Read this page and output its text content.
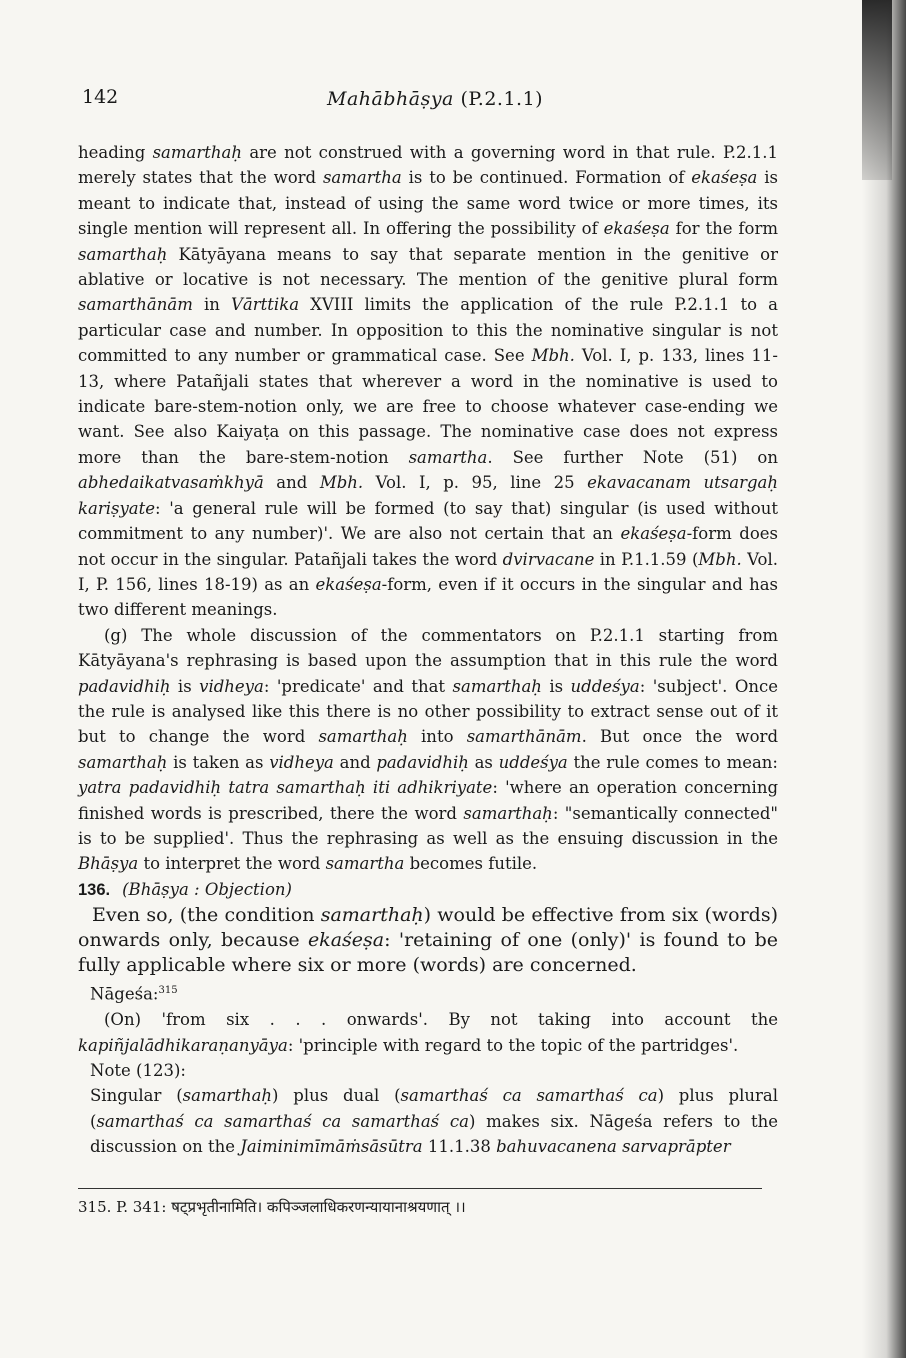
142	Mahābhāṣya (P.2.1.1)

heading samarthaḥ are not construed with a governing word in that rule. P.2.1.1 merely states that the word samartha is to be continued. Formation of ekaśeṣa is meant to indicate that, instead of using the same word twice or more times, its single mention will represent all. In offering the possibility of ekaśeṣa for the form samarthaḥ Kātyāyana means to say that separate mention in the genitive or ablative or locative is not necessary. The mention of the genitive plural form samarthānām in Vārttika XVIII limits the application of the rule P.2.1.1 to a particular case and number. In opposition to this the nominative singular is not committed to any number or grammatical case. See Mbh. Vol. I, p. 133, lines 11-13, where Patañjali states that wherever a word in the nominative is used to indicate bare-stem-notion only, we are free to choose whatever case-ending we want. See also Kaiyaṭa on this passage. The nominative case does not express more than the bare-stem-notion samartha. See further Note (51) on abhedaikatvasaṁkhyā and Mbh. Vol. I, p. 95, line 25 ekavacanam utsargaḥ kariṣyate: 'a general rule will be formed (to say that) singular (is used without commitment to any number)'. We are also not certain that an ekaśeṣa-form does not occur in the singular. Patañjali takes the word dvirvacane in P.1.1.59 (Mbh. Vol. I, P. 156, lines 18-19) as an ekaśeṣa-form, even if it occurs in the singular and has two different meanings.

(g) The whole discussion of the commentators on P.2.1.1 starting from Kātyāyana's rephrasing is based upon the assumption that in this rule the word padavidhiḥ is vidheya: 'predicate' and that samarthaḥ is uddeśya: 'subject'. Once the rule is analysed like this there is no other possibility to extract sense out of it but to change the word samarthaḥ into samarthānām. But once the word samarthaḥ is taken as vidheya and padavidhiḥ as uddeśya the rule comes to mean: yatra padavidhiḥ tatra samarthaḥ iti adhikriyate: 'where an operation concerning finished words is prescribed, there the word samarthaḥ: "semantically connected" is to be supplied'. Thus the rephrasing as well as the ensuing discussion in the Bhāṣya to interpret the word samartha becomes futile.

136. (Bhāṣya : Objection)

Even so, (the condition samarthaḥ) would be effective from six (words) onwards only, because ekaśeṣa: 'retaining of one (only)' is found to be fully applicable where six or more (words) are concerned.

Nāgeśa:$^{315}$

(On) 'from six . . . onwards'. By not taking into account the kapiñjalādhikaraṇanyāya: 'principle with regard to the topic of the partridges'.

Note (123):

Singular (samarthaḥ) plus dual (samarthaś ca samarthaś ca) plus plural (samarthaś ca samarthaś ca samarthaś ca) makes six. Nāgeśa refers to the discussion on the Jaiminimīmāṁsāsūtra 11.1.38 bahuvacanena sarvaprāpter

315. P. 341: षट्प्रभृतीनामिति। कपिञ्जलाधिकरणन्यायानाश्रयणात् ।।
